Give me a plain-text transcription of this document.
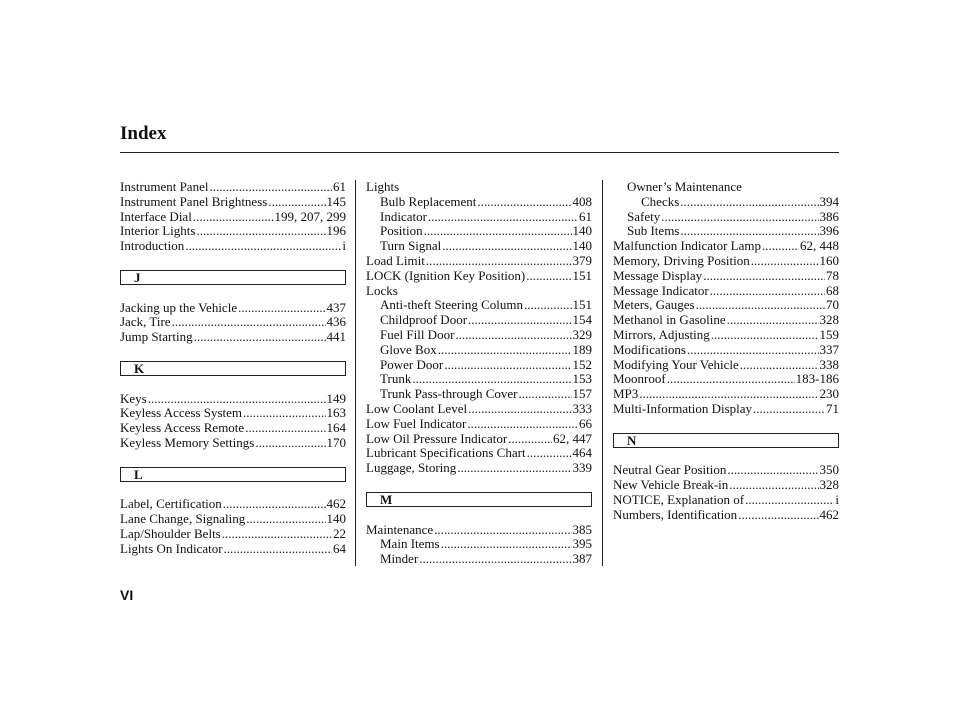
Index
Instrument Panel .....	61
Instrument Panel Brightness .....	145
Interface Dial .....	199, 207, 299
Interior Lights .....	196
Introduction .....	i
J
Jacking up the Vehicle .....	437
Jack, Tire .....	436
Jump Starting .....	441
K
Keys .....	149
Keyless Access System .....	163
Keyless Access Remote .....	164
Keyless Memory Settings .....	170
L
Label, Certification .....	462
Lane Change, Signaling .....	140
Lap/Shoulder Belts .....	22
Lights On Indicator .....	64
Lights
Bulb Replacement .....	408
Indicator .....	61
Position .....	140
Turn Signal .....	140
Load Limit .....	379
LOCK (Ignition Key Position) .....	151
Locks
Anti-theft Steering Column .....	151
Childproof Door .....	154
Fuel Fill Door .....	329
Glove Box .....	189
Power Door .....	152
Trunk .....	153
Trunk Pass-through Cover .....	157
Low Coolant Level .....	333
Low Fuel Indicator .....	66
Low Oil Pressure Indicator .....	62, 447
Lubricant Specifications Chart .....	464
Luggage, Storing .....	339
M
Maintenance .....	385
Main Items .....	395
Minder .....	387
Owner’s Maintenance
Checks .....	394
Safety .....	386
Sub Items .....	396
Malfunction Indicator Lamp .....	62, 448
Memory, Driving Position .....	160
Message Display .....	78
Message Indicator .....	68
Meters, Gauges .....	70
Methanol in Gasoline .....	328
Mirrors, Adjusting .....	159
Modifications .....	337
Modifying Your Vehicle .....	338
Moonroof .....	183-186
MP3 .....	230
Multi-Information Display .....	71
N
Neutral Gear Position .....	350
New Vehicle Break-in .....	328
NOTICE, Explanation of .....	i
Numbers, Identification .....	462
VI
